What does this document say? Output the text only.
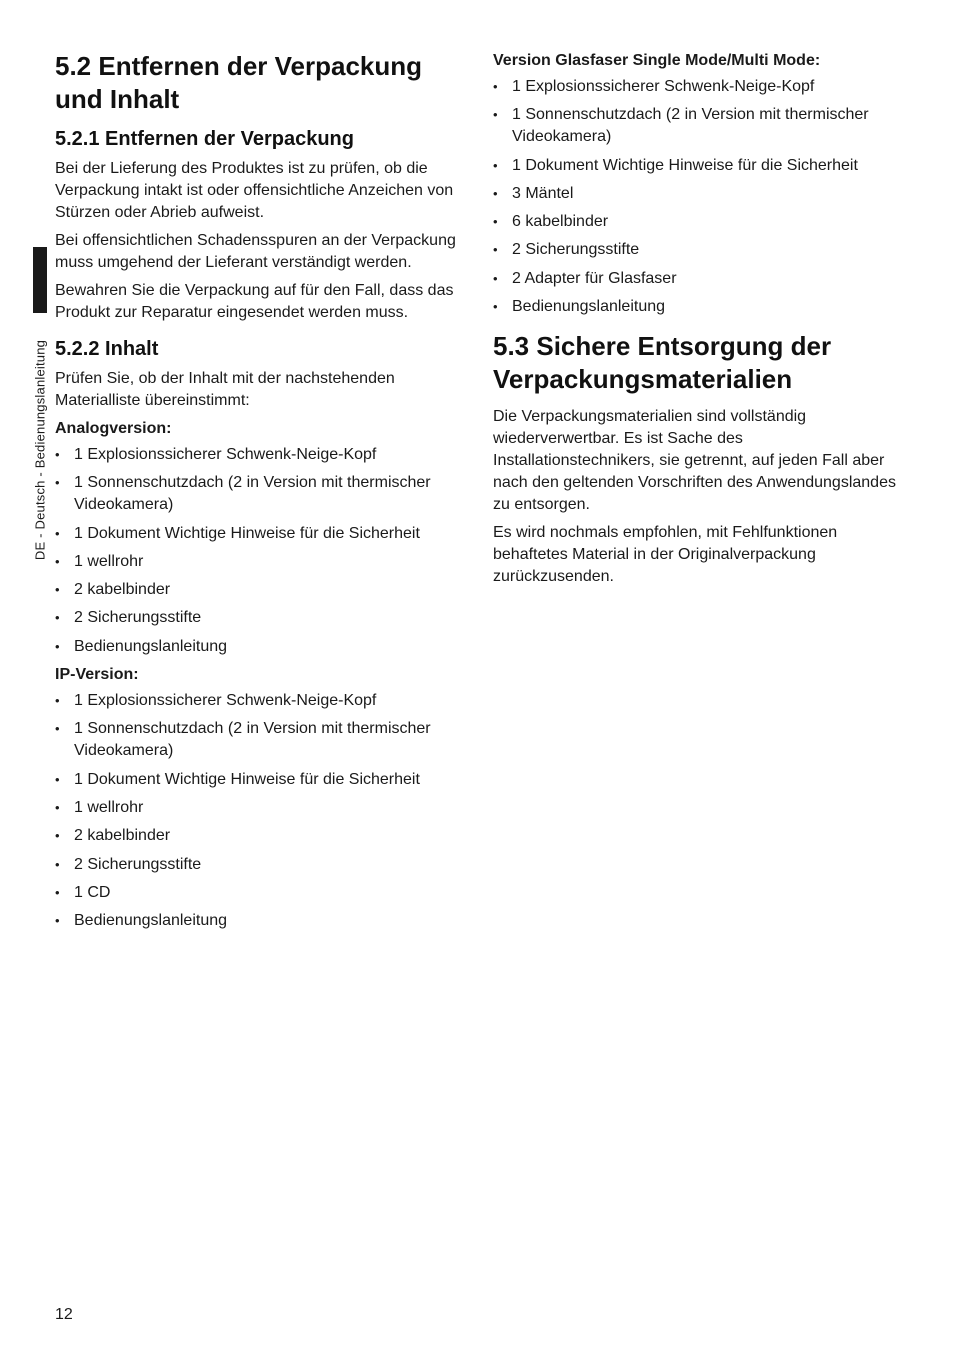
DE - Deutsch - Bedienungslanleitung
5.2 Entfernen der Verpackung und Inhalt
5.2.1 Entfernen der Verpackung

Bei der Lieferung des Produktes ist zu prüfen, ob die Verpackung intakt ist oder offensichtliche Anzeichen von Stürzen oder Abrieb aufweist.

Bei offensichtlichen Schadensspuren an der Verpackung muss umgehend der Lieferant verständigt werden.

Bewahren Sie die Verpackung auf für den Fall, dass das Produkt zur Reparatur eingesendet werden muss.

5.2.2 Inhalt

Prüfen Sie, ob der Inhalt mit der nachstehenden Materialliste übereinstimmt:

Analogversion:
• 1 Explosionssicherer Schwenk-Neige-Kopf
• 1 Sonnenschutzdach (2 in Version mit thermischer Videokamera)
• 1 Dokument Wichtige Hinweise für die Sicherheit
• 1 wellrohr
• 2 kabelbinder
• 2 Sicherungsstifte
• Bedienungslanleitung
IP-Version:
• 1 Explosionssicherer Schwenk-Neige-Kopf
• 1 Sonnenschutzdach (2 in Version mit thermischer Videokamera)
• 1 Dokument Wichtige Hinweise für die Sicherheit
• 1 wellrohr
• 2 kabelbinder
• 2 Sicherungsstifte
• 1 CD
• Bedienungslanleitung
Version Glasfaser Single Mode/Multi Mode:
• 1 Explosionssicherer Schwenk-Neige-Kopf
• 1 Sonnenschutzdach (2 in Version mit thermischer Videokamera)
• 1 Dokument Wichtige Hinweise für die Sicherheit
• 3 Mäntel
• 6 kabelbinder
• 2 Sicherungsstifte
• 2 Adapter für Glasfaser
• Bedienungslanleitung
5.3 Sichere Entsorgung der Verpackungsmaterialien

Die Verpackungsmaterialien sind vollständig wiederverwertbar. Es ist Sache des Installationstechnikers, sie getrennt, auf jeden Fall aber nach den geltenden Vorschriften des Anwendungslandes zu entsorgen.

Es wird nochmals empfohlen, mit Fehlfunktionen behaftetes Material in der Originalverpackung zurückzusenden.

12
